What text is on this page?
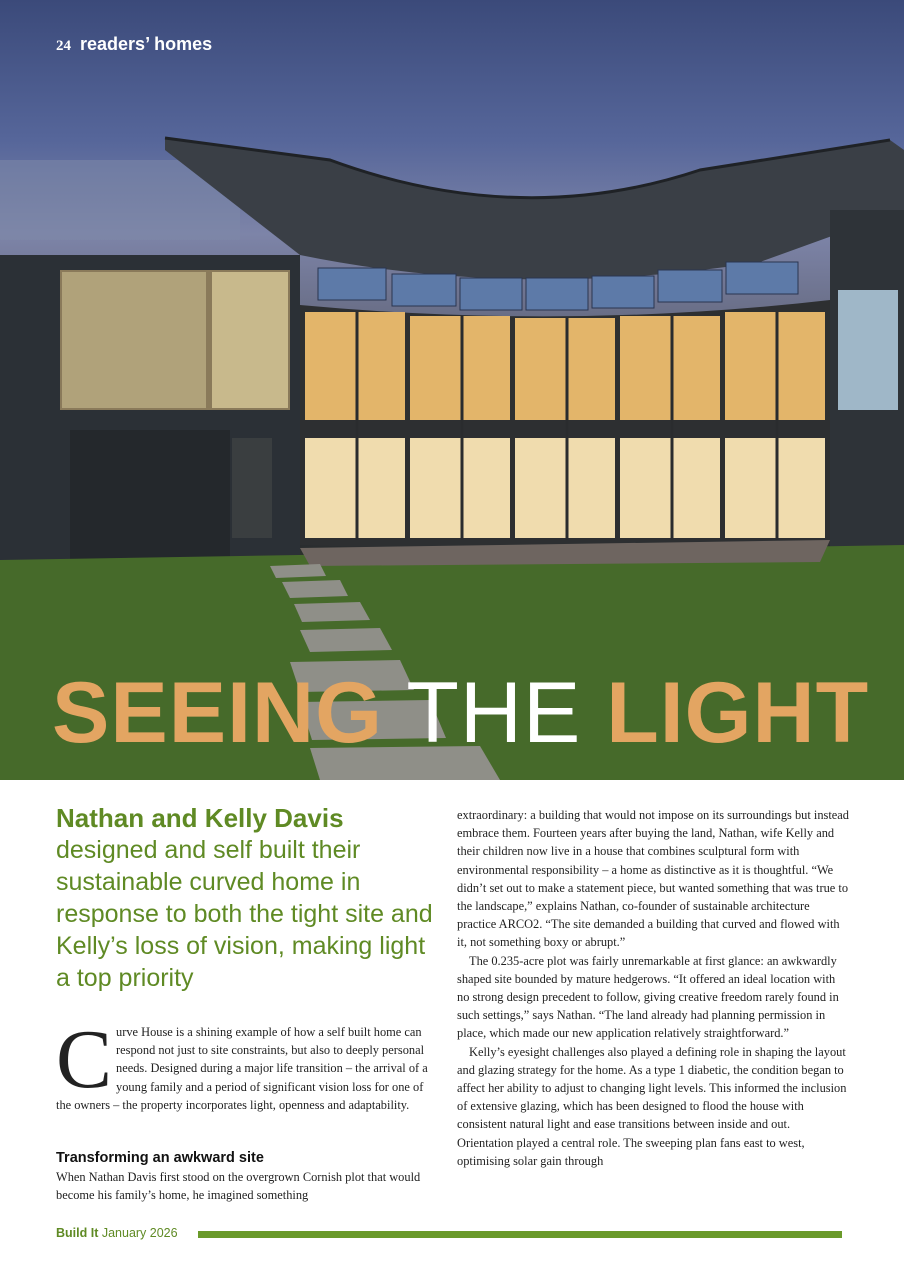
24 readers’ homes
SEEING THE LIGHT
Nathan and Kelly Davis
designed and self built their sustainable curved home in response to both the tight site and Kelly’s loss of vision, making light a top priority
Curve House is a shining example of how a self built home can respond not just to site constraints, but also to deeply personal needs. Designed during a major life transition – the arrival of a young family and a period of significant vision loss for one of the owners – the property incorporates light, openness and adaptability.
Transforming an awkward site

When Nathan Davis first stood on the overgrown Cornish plot that would become his family’s home, he imagined something

extraordinary: a building that would not impose on its surroundings but instead embrace them. Fourteen years after buying the land, Nathan, wife Kelly and their children now live in a house that combines sculptural form with environmental responsibility – a home as distinctive as it is thoughtful. “We didn’t set out to make a statement piece, but wanted something that was true to the landscape,” explains Nathan, co-founder of sustainable architecture practice ARCO2. “The site demanded a building that curved and flowed with it, not something boxy or abrupt.”

The 0.235-acre plot was fairly unremarkable at first glance: an awkwardly shaped site bounded by mature hedgerows. “It offered an ideal location with no strong design precedent to follow, giving creative freedom rarely found in such settings,” says Nathan. “The land already had planning permission in place, which made our new application relatively straightforward.”

Kelly’s eyesight challenges also played a defining role in shaping the layout and glazing strategy for the home. As a type 1 diabetic, the condition began to affect her ability to adjust to changing light levels. This informed the inclusion of extensive glazing, which has been designed to flood the house with consistent natural light and ease transitions between inside and out. Orientation played a central role. The sweeping plan fans east to west, optimising solar gain through

Build It January 2026
